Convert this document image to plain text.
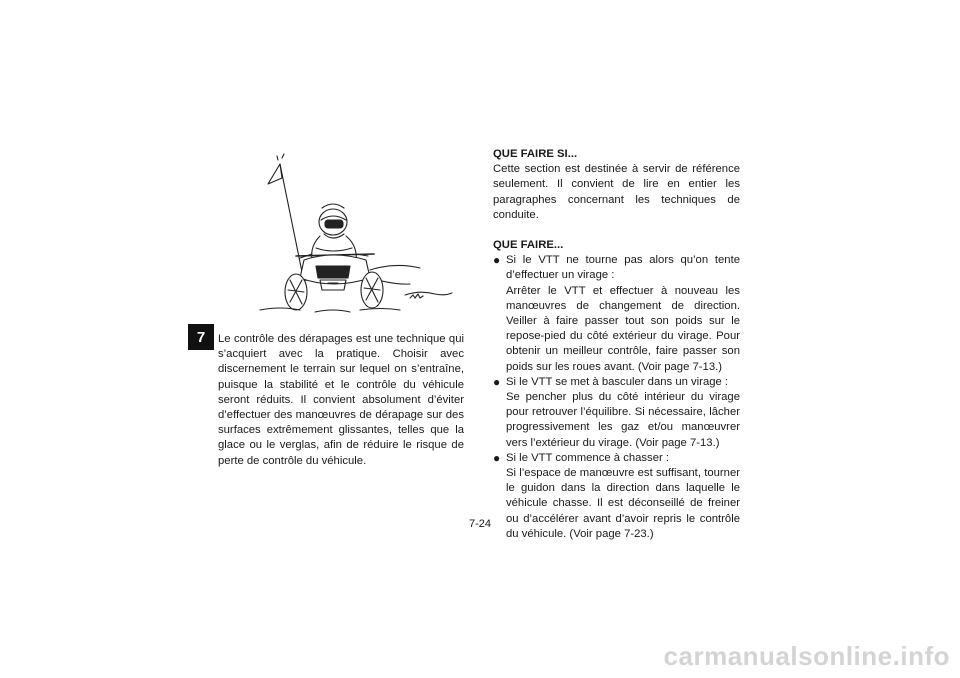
7	Le contrôle des dérapages est une technique qui s’acquiert avec la pratique. Choisir avec discernement le terrain sur lequel on s’entraîne, puisque la stabilité et le contrôle du véhicule seront réduits. Il convient absolument d’éviter d’effectuer des manœuvres de dérapage sur des surfaces extrêmement glissantes, telles que la glace ou le verglas, afin de réduire le risque de perte de contrôle du véhicule.

QUE FAIRE SI...

Cette section est destinée à servir de référence seulement. Il convient de lire en entier les paragraphes concernant les techniques de conduite.

QUE FAIRE...

● Si le VTT ne tourne pas alors qu’on tente d’effectuer un virage :

Arrêter le VTT et effectuer à nouveau les manœuvres de changement de direction. Veiller à faire passer tout son poids sur le repose-pied du côté extérieur du virage. Pour obtenir un meilleur contrôle, faire passer son poids sur les roues avant. (Voir page 7-13.)

● Si le VTT se met à basculer dans un virage :

Se pencher plus du côté intérieur du virage pour retrouver l’équilibre. Si nécessaire, lâcher progressivement les gaz et/ou manœuvrer vers l’extérieur du virage. (Voir page 7-13.)

● Si le VTT commence à chasser :

Si l’espace de manœuvre est suffisant, tourner le guidon dans la direction dans laquelle le véhicule chasse. Il est déconseillé de freiner ou d’accélérer avant d’avoir repris le contrôle du véhicule. (Voir page 7-23.)

7-24
carmanualsonline.info
